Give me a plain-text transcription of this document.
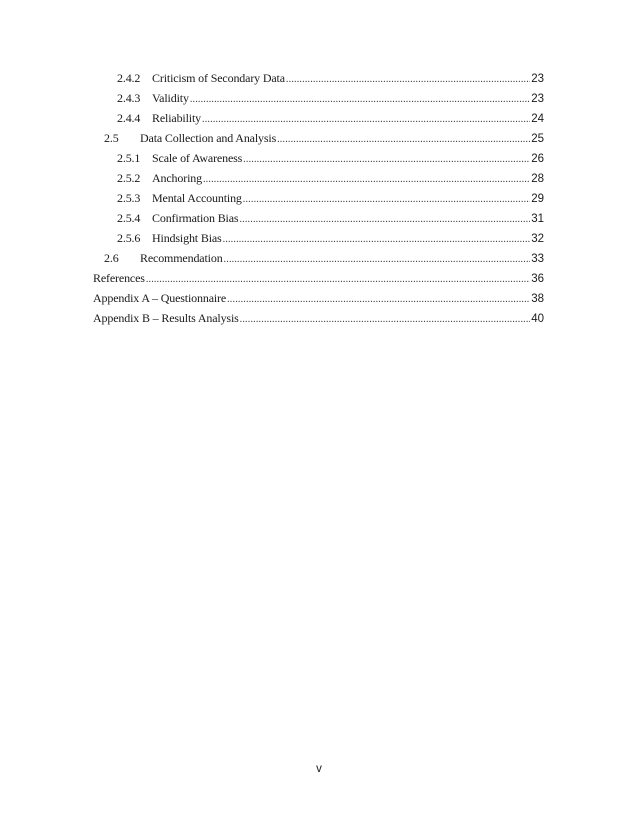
2.4.2 Criticism of Secondary Data .....	23
2.4.3 Validity .....	23
2.4.4 Reliability .....	24
2.5	Data Collection and Analysis .....	25
2.5.1 Scale of Awareness .....	26
2.5.2 Anchoring .....	28
2.5.3 Mental Accounting .....	29
2.5.4 Confirmation Bias .....	31
2.5.6 Hindsight Bias .....	32
2.6	Recommendation .....	33
References .....	36
Appendix A – Questionnaire .....	38
Appendix B – Results Analysis .....	40
v
